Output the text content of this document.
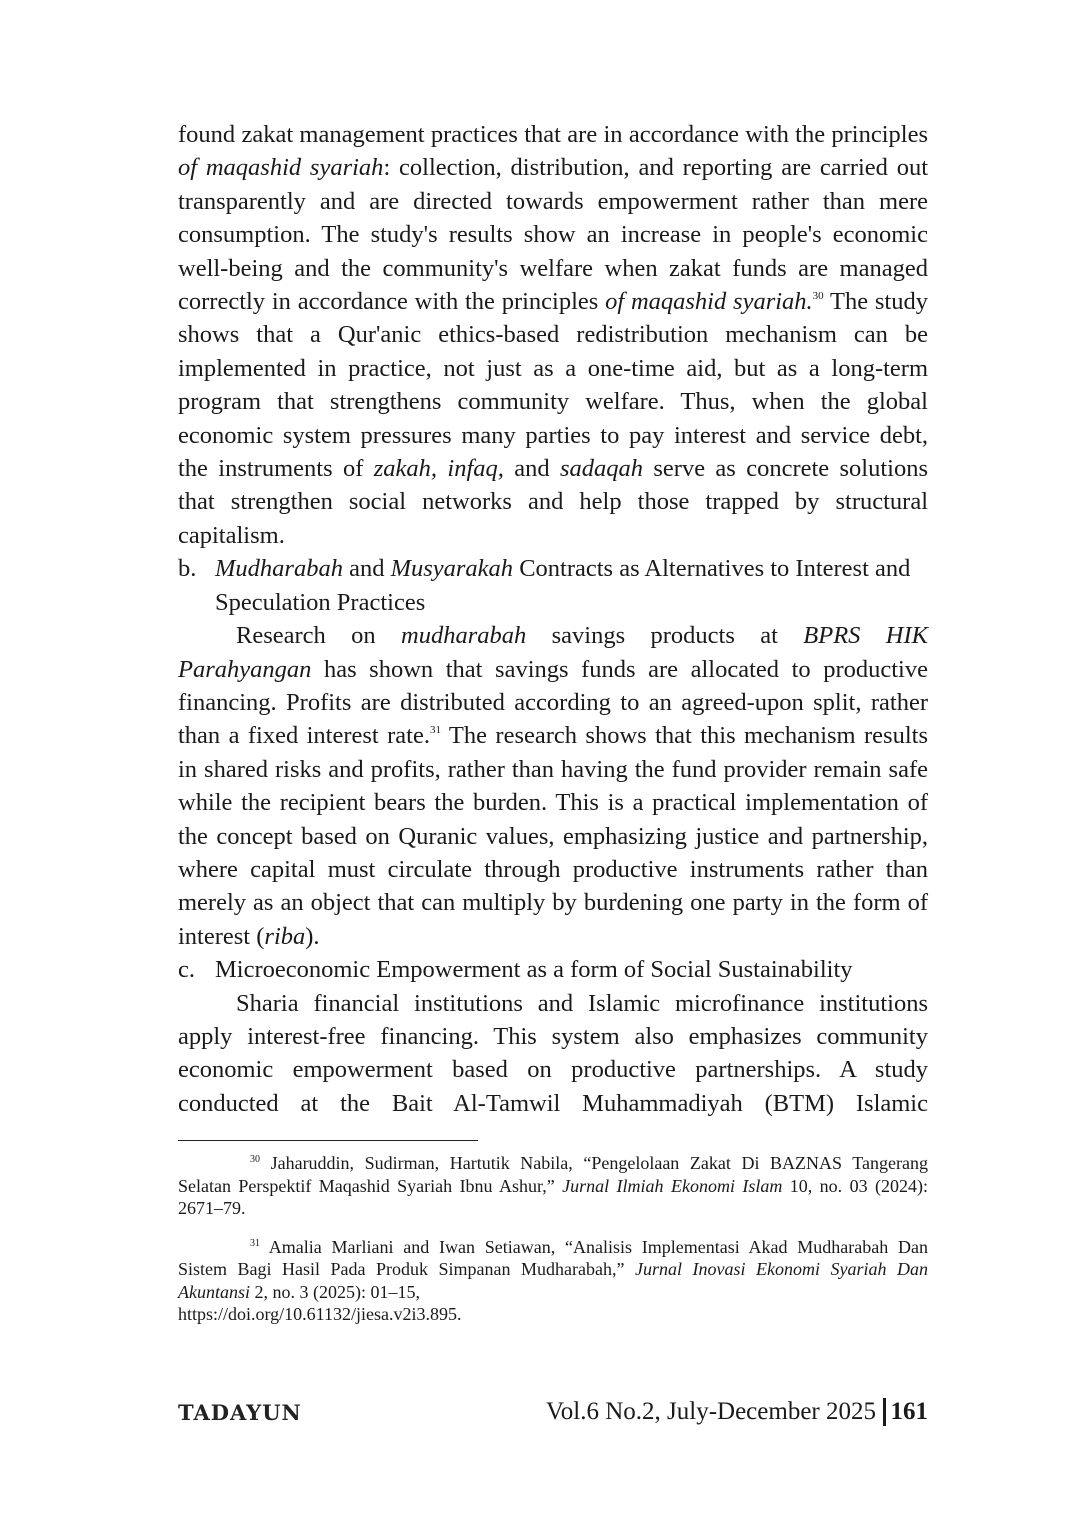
found zakat management practices that are in accordance with the principles of maqashid syariah: collection, distribution, and reporting are carried out transparently and are directed towards empowerment rather than mere consumption. The study's results show an increase in people's economic well-being and the community's welfare when zakat funds are managed correctly in accordance with the principles of maqashid syariah.$^{30}$ The study shows that a Qur'anic ethics-based redistribution mechanism can be implemented in practice, not just as a one-time aid, but as a long-term program that strengthens community welfare. Thus, when the global economic system pressures many parties to pay interest and service debt, the instruments of zakah, infaq, and sadaqah serve as concrete solutions that strengthen social networks and help those trapped by structural capitalism.

b. Mudharabah and Musyarakah Contracts as Alternatives to Interest and Speculation Practices

Research on mudharabah savings products at BPRS HIK Parahyangan has shown that savings funds are allocated to productive financing. Profits are distributed according to an agreed-upon split, rather than a fixed interest rate.$^{31}$ The research shows that this mechanism results in shared risks and profits, rather than having the fund provider remain safe while the recipient bears the burden. This is a practical implementation of the concept based on Quranic values, emphasizing justice and partnership, where capital must circulate through productive instruments rather than merely as an object that can multiply by burdening one party in the form of interest (riba).

c. Microeconomic Empowerment as a form of Social Sustainability

Sharia financial institutions and Islamic microfinance institutions apply interest-free financing. This system also emphasizes community economic empowerment based on productive partnerships. A study conducted at the Bait Al-Tamwil Muhammadiyah (BTM) Islamic

$^{30}$ Jaharuddin, Sudirman, Hartutik Nabila, “Pengelolaan Zakat Di BAZNAS Tangerang Selatan Perspektif Maqashid Syariah Ibnu Ashur,” Jurnal Ilmiah Ekonomi Islam 10, no. 03 (2024): 2671–79.

$^{31}$ Amalia Marliani and Iwan Setiawan, “Analisis Implementasi Akad Mudharabah Dan Sistem Bagi Hasil Pada Produk Simpanan Mudharabah,” Jurnal Inovasi Ekonomi Syariah Dan Akuntansi 2, no. 3 (2025): 01–15,
https://doi.org/10.61132/jiesa.v2i3.895.

TADAYUN	Vol.6 No.2, July-December 2025 161
